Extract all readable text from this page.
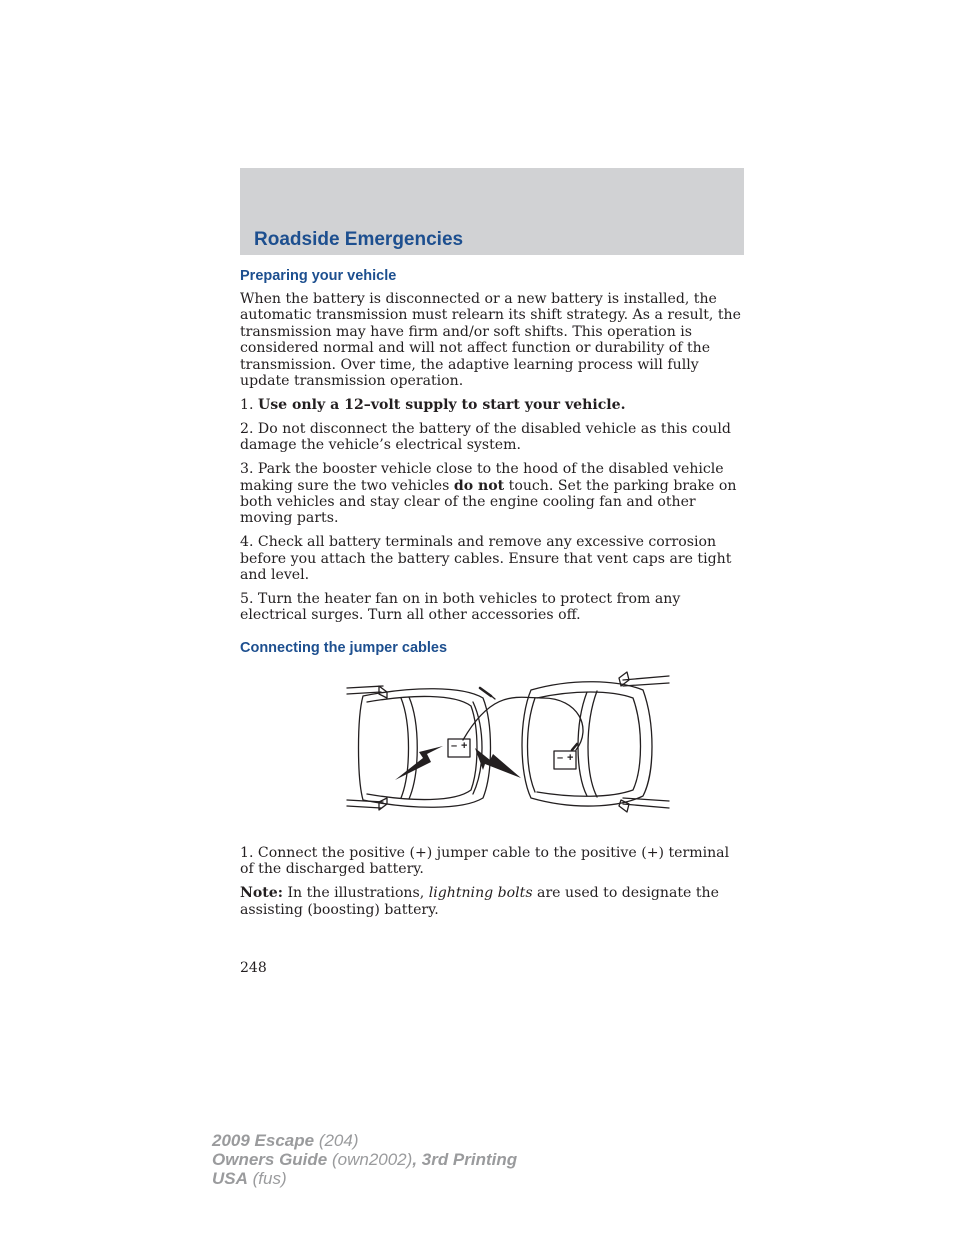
Roadside Emergencies
Preparing your vehicle

When the battery is disconnected or a new battery is installed, the automatic transmission must relearn its shift strategy. As a result, the transmission may have firm and/or soft shifts. This operation is considered normal and will not affect function or durability of the transmission. Over time, the adaptive learning process will fully update transmission operation.

1. Use only a 12–volt supply to start your vehicle.

2. Do not disconnect the battery of the disabled vehicle as this could damage the vehicle’s electrical system.

3. Park the booster vehicle close to the hood of the disabled vehicle making sure the two vehicles do not touch. Set the parking brake on both vehicles and stay clear of the engine cooling fan and other moving parts.

4. Check all battery terminals and remove any excessive corrosion before you attach the battery cables. Ensure that vent caps are tight and level.

5. Turn the heater fan on in both vehicles to protect from any electrical surges. Turn all other accessories off.

Connecting the jumper cables
– +
– +

1. Connect the positive (+) jumper cable to the positive (+) terminal of the discharged battery.

Note: In the illustrations, lightning bolts are used to designate the assisting (boosting) battery.

248
2009 Escape (204)
Owners Guide (own2002), 3rd Printing
USA (fus)
